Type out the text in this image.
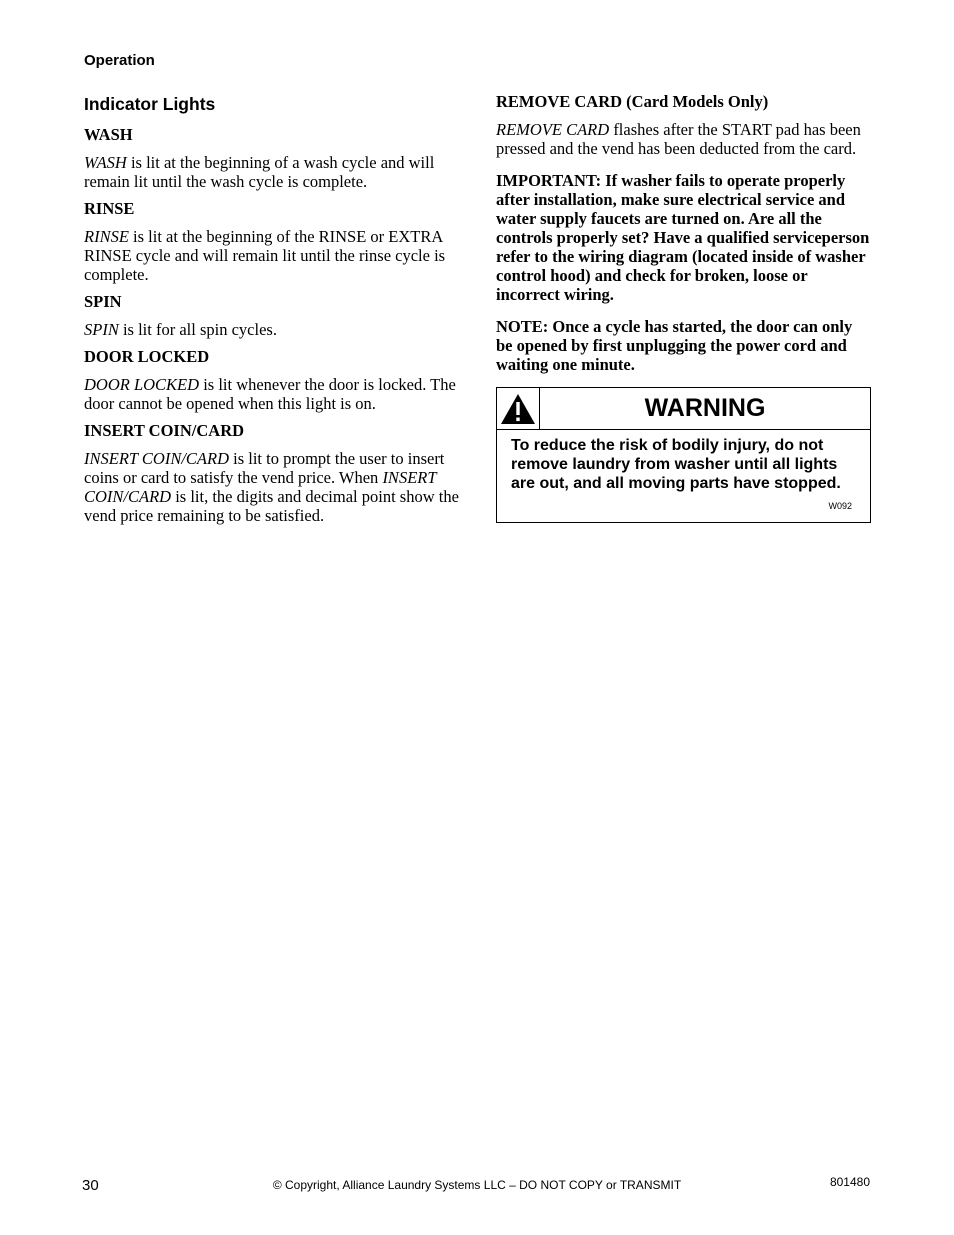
Operation
Indicator Lights
WASH
WASH is lit at the beginning of a wash cycle and will remain lit until the wash cycle is complete.
RINSE
RINSE is lit at the beginning of the RINSE or EXTRA RINSE cycle and will remain lit until the rinse cycle is complete.
SPIN
SPIN is lit for all spin cycles.
DOOR LOCKED
DOOR LOCKED is lit whenever the door is locked. The door cannot be opened when this light is on.
INSERT COIN/CARD
INSERT COIN/CARD is lit to prompt the user to insert coins or card to satisfy the vend price. When INSERT COIN/CARD is lit, the digits and decimal point show the vend price remaining to be satisfied.
REMOVE CARD (Card Models Only)
REMOVE CARD flashes after the START pad has been pressed and the vend has been deducted from the card.
IMPORTANT: If washer fails to operate properly after installation, make sure electrical service and water supply faucets are turned on. Are all the controls properly set? Have a qualified serviceperson refer to the wiring diagram (located inside of washer control hood) and check for broken, loose or incorrect wiring.
NOTE: Once a cycle has started, the door can only be opened by first unplugging the power cord and waiting one minute.
WARNING
To reduce the risk of bodily injury, do not remove laundry from washer until all lights are out, and all moving parts have stopped.
W092
30	© Copyright, Alliance Laundry Systems LLC – DO NOT COPY or TRANSMIT	801480
